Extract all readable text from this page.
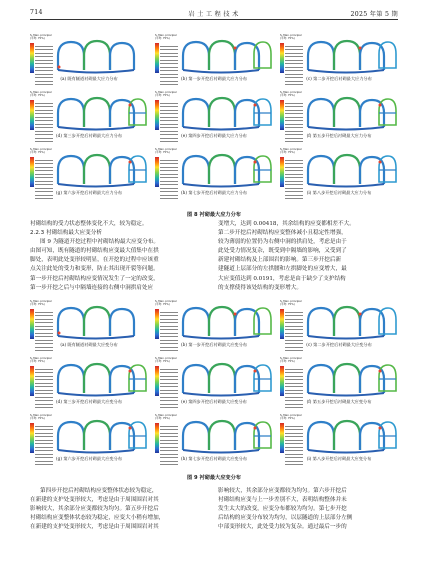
714	岩 土 工 程 技 术	2025 年第 5 期
S, Max. principal
(平均: 75%)
(a) 既有隧道衬砌最大应力分布
S, Max. principal
(平均: 75%)
(b) 第一步开挖后衬砌最大应力分布
S, Max. principal
(平均: 75%)
(c) 第二步开挖后衬砌最大应力分布
S, Max. principal
(平均: 75%)
(d) 第三步开挖后衬砌最大应力分布
S, Max. principal
(平均: 75%)
(e) 第四步开挖后衬砌最大应力分布
S, Max. principal
(平均: 75%)
(f) 第五步开挖后衬砌最大应力分布
S, Max. principal
(平均: 75%)
(g) 第六步开挖后衬砌最大应力分布
S, Max. principal
(平均: 75%)
(h) 第七步开挖后衬砌最大应力分布
S, Max. principal
(平均: 75%)
(i) 第八步开挖后衬砌最大应力分布
图 8 衬砌最大应力分布

衬砌结构的受力状态整体变化不大，较为稳定。

2.2.3 衬砌结构最大应变分析

图 9 为隧道开挖过程中衬砌结构最大应变分布。

由图可知，既有隧道的衬砌结构应变最大值集中在拱

脚处，表明此处变形较明显，在开挖的过程中应该重

点关注此处的受力和变形，防止其出现开裂等问题。

第一步开挖后衬砌结构应变情况发生了一定的改变，

第一步开挖之后与中隔墙连接的右侧中洞拱肩处应

变增大，达到 0.00418，其余结构的应变都相差不大。

第二步开挖后衬砌结构应变整体减小且稳定性增强，

较为薄弱的位置仍为右侧中洞的拱肩处，考虑是由于

此处受力情况复杂，既受到中隔墙的影响，又受到了

新建衬砌结构及上部围岩的影响。第三步开挖后新

建隧道上层部分的左拱腰和左拱脚处的应变增大，最

大应变值达到 0.0191，考虑是由于缺少了支护结构

的支撑使得该处结构的变形增大。

S, Max. principal
(平均: 75%)
(a) 既有隧道衬砌最大应变分布
S, Max. principal
(平均: 75%)
(b) 第一步开挖后衬砌最大应变分布
S, Max. principal
(平均: 75%)
(c) 第二步开挖后衬砌最大应变分布
S, Max. principal
(平均: 75%)
(d) 第三步开挖后衬砌最大应变分布
S, Max. principal
(平均: 75%)
(e) 第四步开挖后衬砌最大应变分布
S, Max. principal
(平均: 75%)
(f) 第五步开挖后衬砌最大应变分布
S, Max. principal
(平均: 75%)
(g) 第六步开挖后衬砌最大应变分布
S, Max. principal
(平均: 75%)
(h) 第七步开挖后衬砌最大应变分布
S, Max. principal
(平均: 75%)
(i) 第八步开挖后衬砌最大应变分布
图 9 衬砌最大应变分布

第四步开挖后衬砌结构应变整体状态较为稳定，

在新建的支护处变形较大，考虑是由于周围围岩对其

影响较大，其余部分应变都较为均匀。第五步开挖后

衬砌结构应变整体状态较为稳定，应变大小稍有增加，

在新建的支护处变形较大，考虑是由于周围围岩对其

影响较大，其余部分应变都较为均匀。第六步开挖后

衬砌结构应变与上一步差别不大，表明结构整体并未

发生太大的改变，应变分布都较为均匀。第七步开挖

后结构的应变分布较为均匀，以层隧道的上层部分左侧

中部变形较大，此处受力较为复杂。通过最后一步的
